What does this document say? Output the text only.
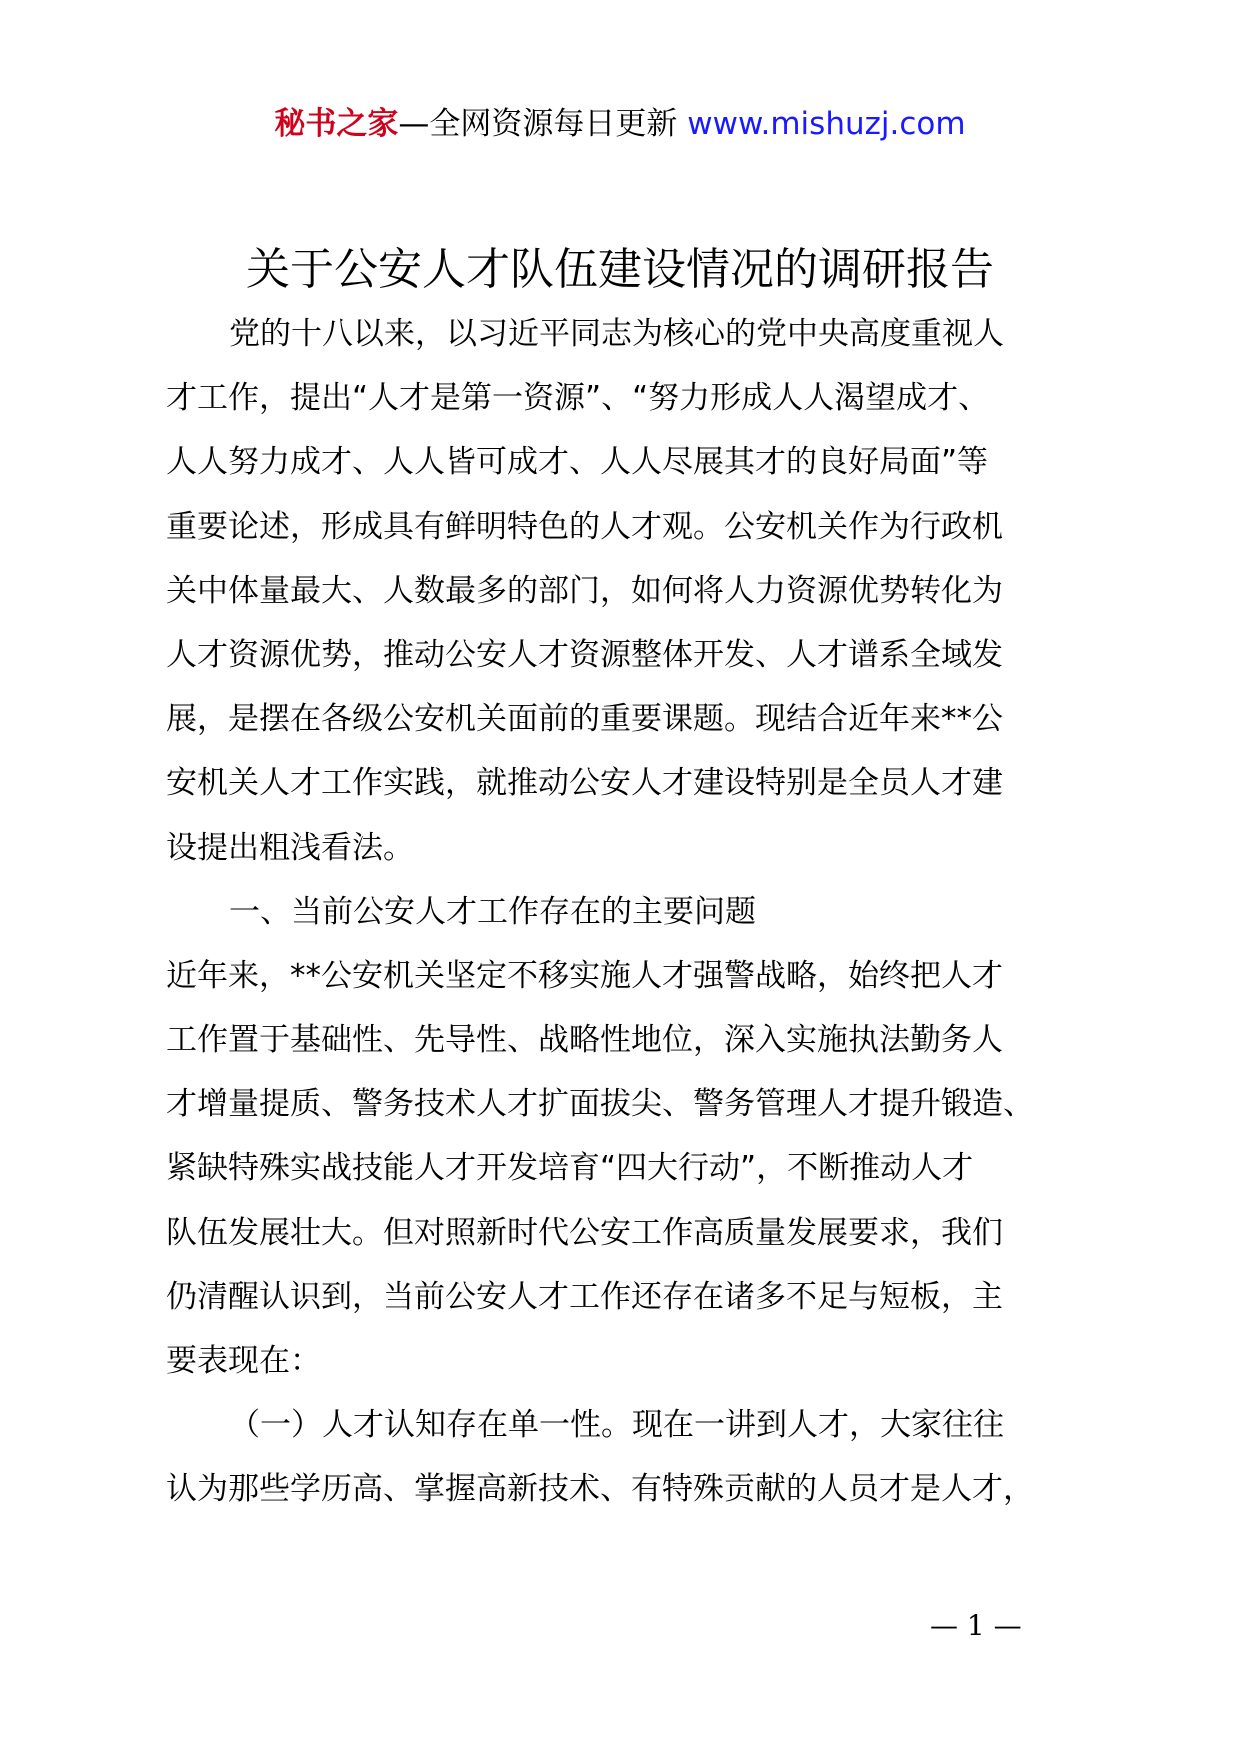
秘书之家—全网资源每日更新 www.mishuzj.com
关于公安人才队伍建设情况的调研报告
党的十八以来，以习近平同志为核心的党中央高度重视人
才工作，提出“人才是第一资源”、“努力形成人人渴望成才、
人人努力成才、人人皆可成才、人人尽展其才的良好局面”等
重要论述，形成具有鲜明特色的人才观。公安机关作为行政机
关中体量最大、人数最多的部门，如何将人力资源优势转化为
人才资源优势，推动公安人才资源整体开发、人才谱系全域发
展，是摆在各级公安机关面前的重要课题。现结合近年来**公
安机关人才工作实践，就推动公安人才建设特别是全员人才建
设提出粗浅看法。
一、当前公安人才工作存在的主要问题
近年来，**公安机关坚定不移实施人才强警战略，始终把人才
工作置于基础性、先导性、战略性地位，深入实施执法勤务人
才增量提质、警务技术人才扩面拔尖、警务管理人才提升锻造、
紧缺特殊实战技能人才开发培育“四大行动”，不断推动人才
队伍发展壮大。但对照新时代公安工作高质量发展要求，我们
仍清醒认识到，当前公安人才工作还存在诸多不足与短板，主
要表现在：
（一）人才认知存在单一性。现在一讲到人才，大家往往
认为那些学历高、掌握高新技术、有特殊贡献的人员才是人才，
— 1 —
